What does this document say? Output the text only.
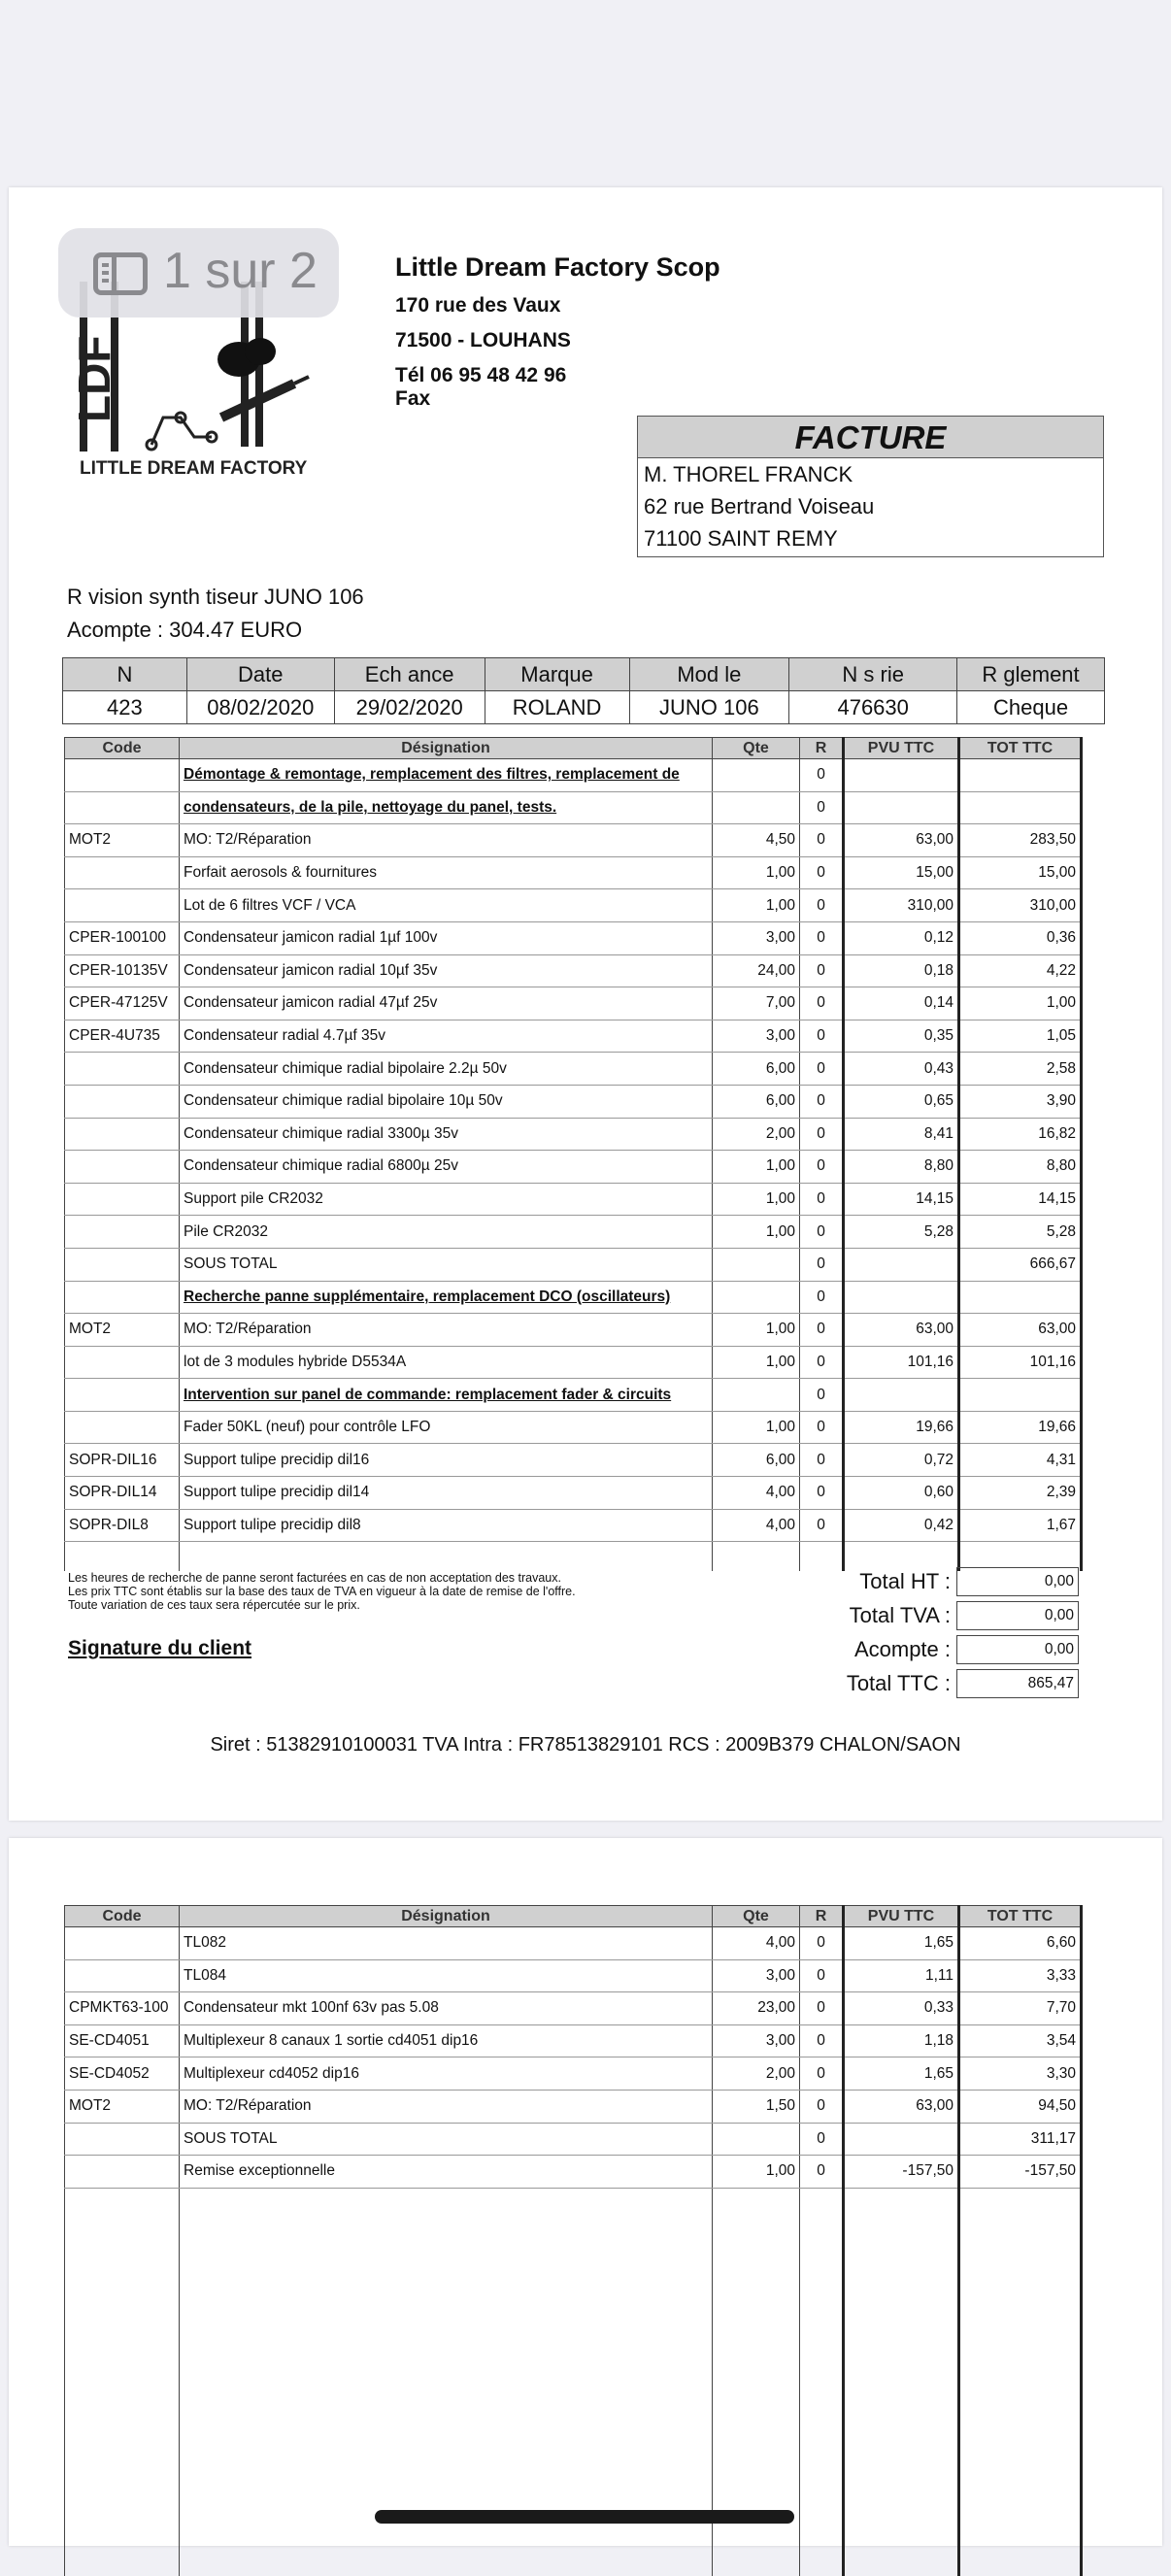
1 sur 2
LDF
LITTLE DREAM FACTORY
Little Dream Factory Scop
170 rue des Vaux
71500 - LOUHANS
Tél 06 95 48 42 96
Fax
FACTURE
M. THOREL FRANCK
62 rue Bertrand Voiseau
71100 SAINT REMY
R vision synth tiseur JUNO 106
Acompte : 304.47 EURO
N	Date	Ech ance	Marque	Mod le	N s rie	R glement
423	08/02/2020	29/02/2020	ROLAND	JUNO 106	476630	Cheque
Code	Désignation	Qte	R	PVU TTC	TOT TTC
	Démontage & remontage, remplacement des filtres, remplacement de		0		
	condensateurs, de la pile, nettoyage du panel, tests.		0		
MOT2	MO: T2/Réparation	4,50	0	63,00	283,50
	Forfait aerosols & fournitures	1,00	0	15,00	15,00
	Lot de 6 filtres VCF / VCA	1,00	0	310,00	310,00
CPER-100100	Condensateur jamicon radial 1µf 100v	3,00	0	0,12	0,36
CPER-10135V	Condensateur jamicon radial 10µf 35v	24,00	0	0,18	4,22
CPER-47125V	Condensateur jamicon radial 47µf 25v	7,00	0	0,14	1,00
CPER-4U735	Condensateur radial 4.7µf 35v	3,00	0	0,35	1,05
	Condensateur chimique radial bipolaire 2.2µ 50v	6,00	0	0,43	2,58
	Condensateur chimique radial bipolaire 10µ 50v	6,00	0	0,65	3,90
	Condensateur chimique radial 3300µ 35v	2,00	0	8,41	16,82
	Condensateur chimique radial 6800µ 25v	1,00	0	8,80	8,80
	Support pile CR2032	1,00	0	14,15	14,15
	Pile CR2032	1,00	0	5,28	5,28
	SOUS TOTAL		0		666,67
	Recherche panne supplémentaire, remplacement DCO (oscillateurs)		0		
MOT2	MO: T2/Réparation	1,00	0	63,00	63,00
	lot de 3 modules hybride D5534A	1,00	0	101,16	101,16
	Intervention sur panel de commande: remplacement fader & circuits		0		
	Fader 50KL (neuf) pour contrôle LFO	1,00	0	19,66	19,66
SOPR-DIL16	Support tulipe precidip dil16	6,00	0	0,72	4,31
SOPR-DIL14	Support tulipe precidip dil14	4,00	0	0,60	2,39
SOPR-DIL8	Support tulipe precidip dil8	4,00	0	0,42	1,67

Les heures de recherche de panne seront facturées en cas de non acceptation des travaux.
Les prix TTC sont établis sur la base des taux de TVA en vigueur à la date de remise de l'offre.
Toute variation de ces taux sera répercutée sur le prix.
Signature du client
Total HT :	0,00
Total TVA :	0,00
Acompte :	0,00
Total TTC :	865,47
Siret : 51382910100031 TVA Intra : FR78513829101 RCS : 2009B379 CHALON/SAON
Code	Désignation	Qte	R	PVU TTC	TOT TTC
	TL082	4,00	0	1,65	6,60
	TL084	3,00	0	1,11	3,33
CPMKT63-100	Condensateur mkt 100nf 63v pas 5.08	23,00	0	0,33	7,70
SE-CD4051	Multiplexeur 8 canaux 1 sortie cd4051 dip16	3,00	0	1,18	3,54
SE-CD4052	Multiplexeur cd4052 dip16	2,00	0	1,65	3,30
MOT2	MO: T2/Réparation	1,50	0	63,00	94,50
	SOUS TOTAL		0		311,17
	Remise exceptionnelle	1,00	0	-157,50	-157,50
